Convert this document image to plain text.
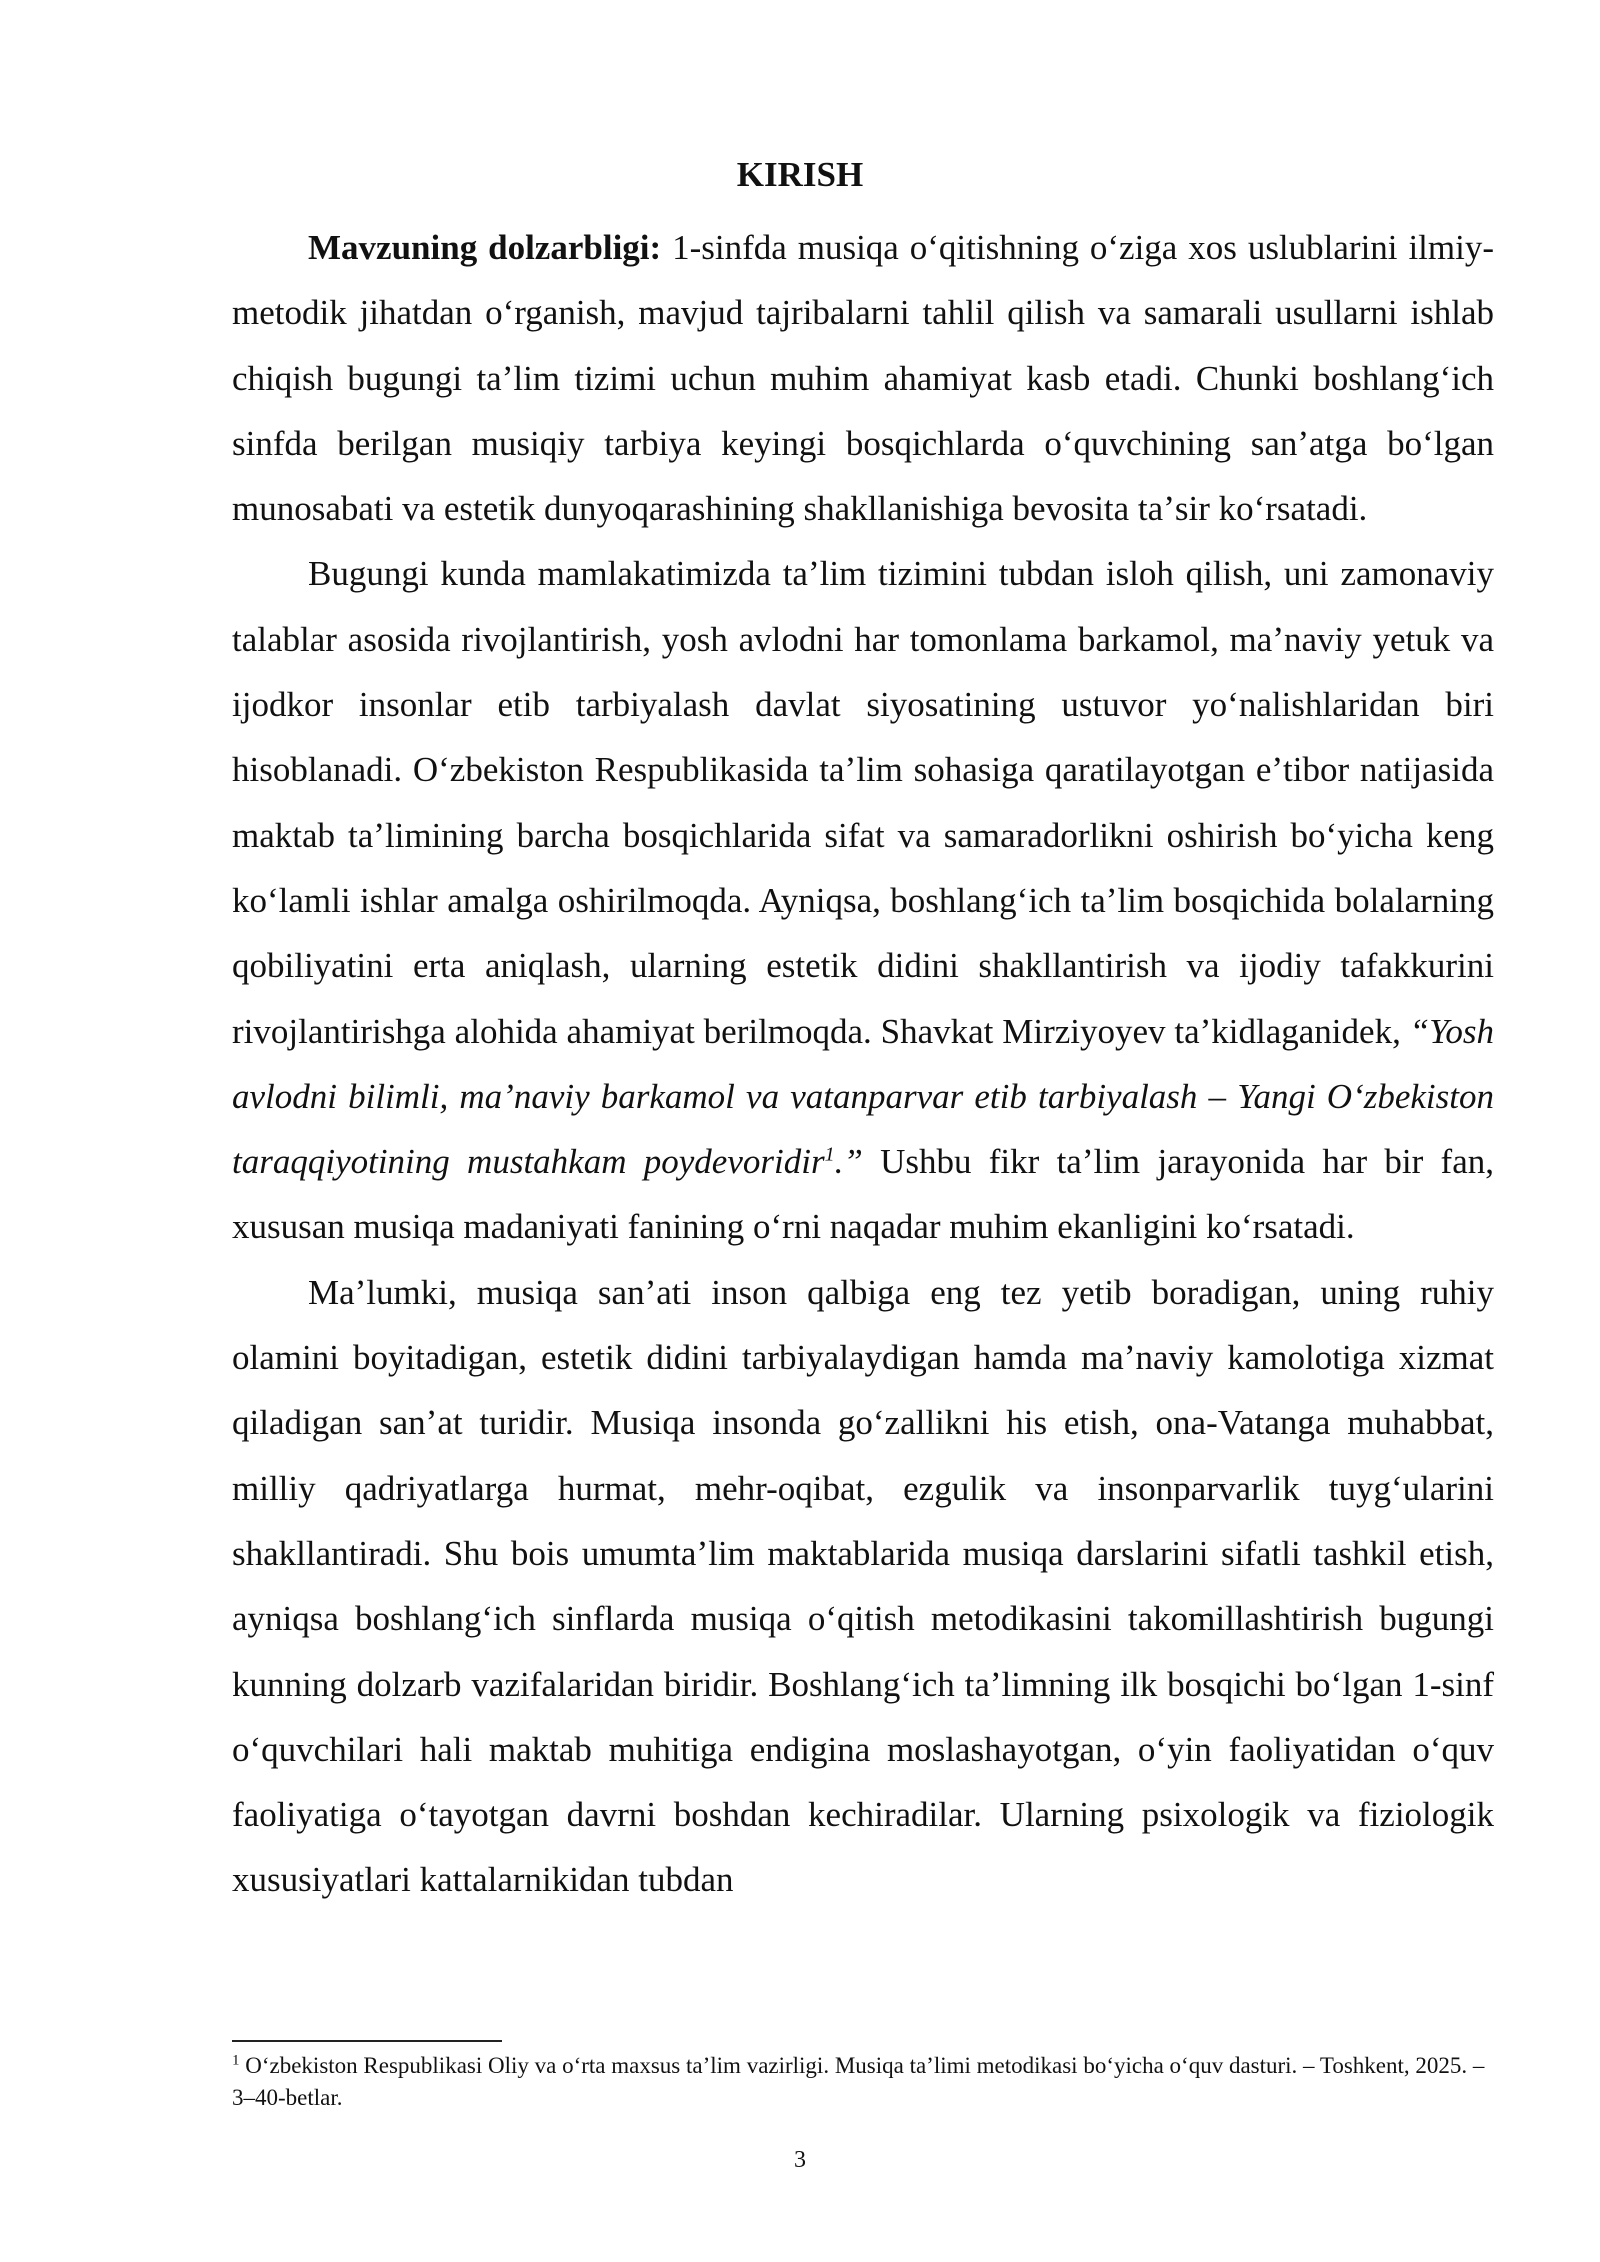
KIRISH

Mavzuning dolzarbligi: 1-sinfda musiqa oʻqitishning oʻziga xos uslublarini ilmiy-metodik jihatdan oʻrganish, mavjud tajribalarni tahlil qilish va samarali usullarni ishlab chiqish bugungi taʼlim tizimi uchun muhim ahamiyat kasb etadi. Chunki boshlangʻich sinfda berilgan musiqiy tarbiya keyingi bosqichlarda oʻquvchining sanʼatga boʻlgan munosabati va estetik dunyoqarashining shakllanishiga bevosita taʼsir koʻrsatadi.

Bugungi kunda mamlakatimizda taʼlim tizimini tubdan isloh qilish, uni zamonaviy talablar asosida rivojlantirish, yosh avlodni har tomonlama barkamol, maʼnaviy yetuk va ijodkor insonlar etib tarbiyalash davlat siyosatining ustuvor yoʻnalishlaridan biri hisoblanadi. Oʻzbekiston Respublikasida taʼlim sohasiga qaratilayotgan eʼtibor natijasida maktab taʼlimining barcha bosqichlarida sifat va samaradorlikni oshirish boʻyicha keng koʻlamli ishlar amalga oshirilmoqda. Ayniqsa, boshlangʻich taʼlim bosqichida bolalarning qobiliyatini erta aniqlash, ularning estetik didini shakllantirish va ijodiy tafakkurini rivojlantirishga alohida ahamiyat berilmoqda. Shavkat Mirziyoyev taʼkidlaganidek, “Yosh avlodni bilimli, maʼnaviy barkamol va vatanparvar etib tarbiyalash – Yangi Oʻzbekiston taraqqiyotining mustahkam poydevoridir$^1$.” Ushbu fikr taʼlim jarayonida har bir fan, xususan musiqa madaniyati fanining oʻrni naqadar muhim ekanligini koʻrsatadi.

Maʼlumki, musiqa sanʼati inson qalbiga eng tez yetib boradigan, uning ruhiy olamini boyitadigan, estetik didini tarbiyalaydigan hamda maʼnaviy kamolotiga xizmat qiladigan sanʼat turidir. Musiqa insonda goʻzallikni his etish, ona-Vatanga muhabbat, milliy qadriyatlarga hurmat, mehr-oqibat, ezgulik va insonparvarlik tuygʻularini shakllantiradi. Shu bois umumtaʼlim maktablarida musiqa darslarini sifatli tashkil etish, ayniqsa boshlangʻich sinflarda musiqa oʻqitish metodikasini takomillashtirish bugungi kunning dolzarb vazifalaridan biridir. Boshlangʻich taʼlimning ilk bosqichi boʻlgan 1-sinf oʻquvchilari hali maktab muhitiga endigina moslashayotgan, oʻyin faoliyatidan oʻquv faoliyatiga oʻtayotgan davrni boshdan kechiradilar. Ularning psixologik va fiziologik xususiyatlari kattalarnikidan tubdan

$^1$ Oʻzbekiston Respublikasi Oliy va oʻrta maxsus taʼlim vazirligi. Musiqa taʼlimi metodikasi boʻyicha oʻquv dasturi. – Toshkent, 2025. – 3–40-betlar.

3
